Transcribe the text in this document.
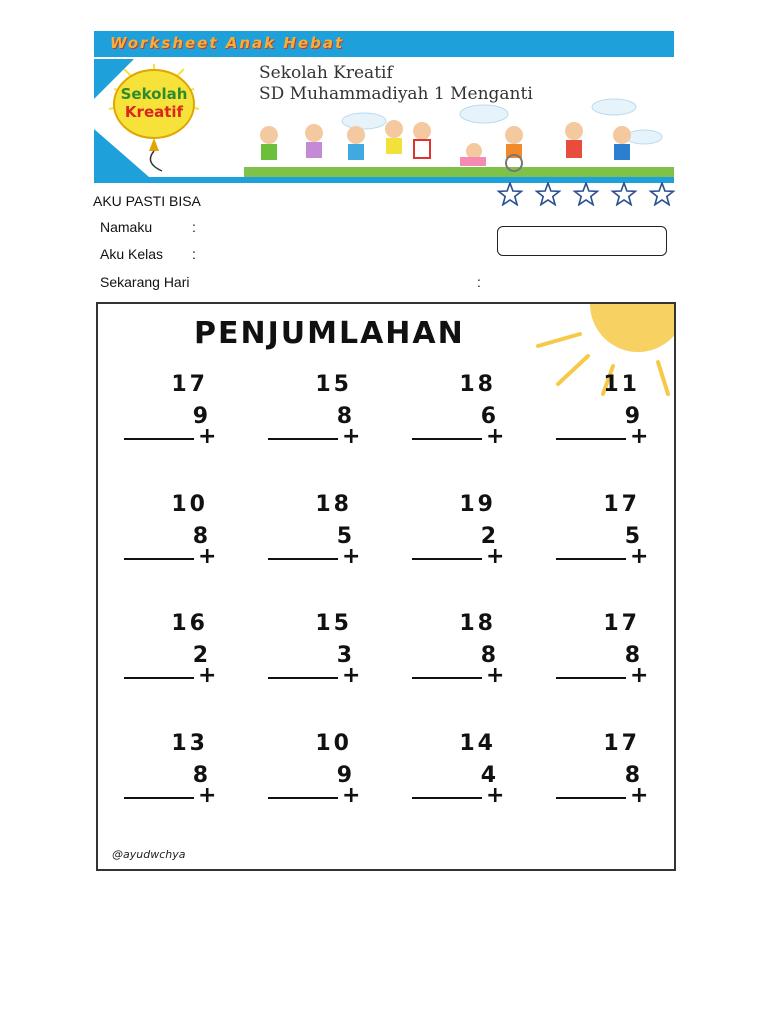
Worksheet Anak Hebat
Sekolah
Kreatif
Sekolah Kreatif
SD Muhammadiyah 1 Menganti
AKU PASTI BISA
Namaku	:
Aku Kelas :
Sekarang Hari	:
PENJUMLAHAN
17
9
+
15
8
+
18
6
+
11
9
+
10
8
+
18
5
+
19
2
+
17
5
+
16
2
+
15
3
+
18
8
+
17
8
+
13
8
+
10
9
+
14
4
+
17
8
+
@ayudwchya
